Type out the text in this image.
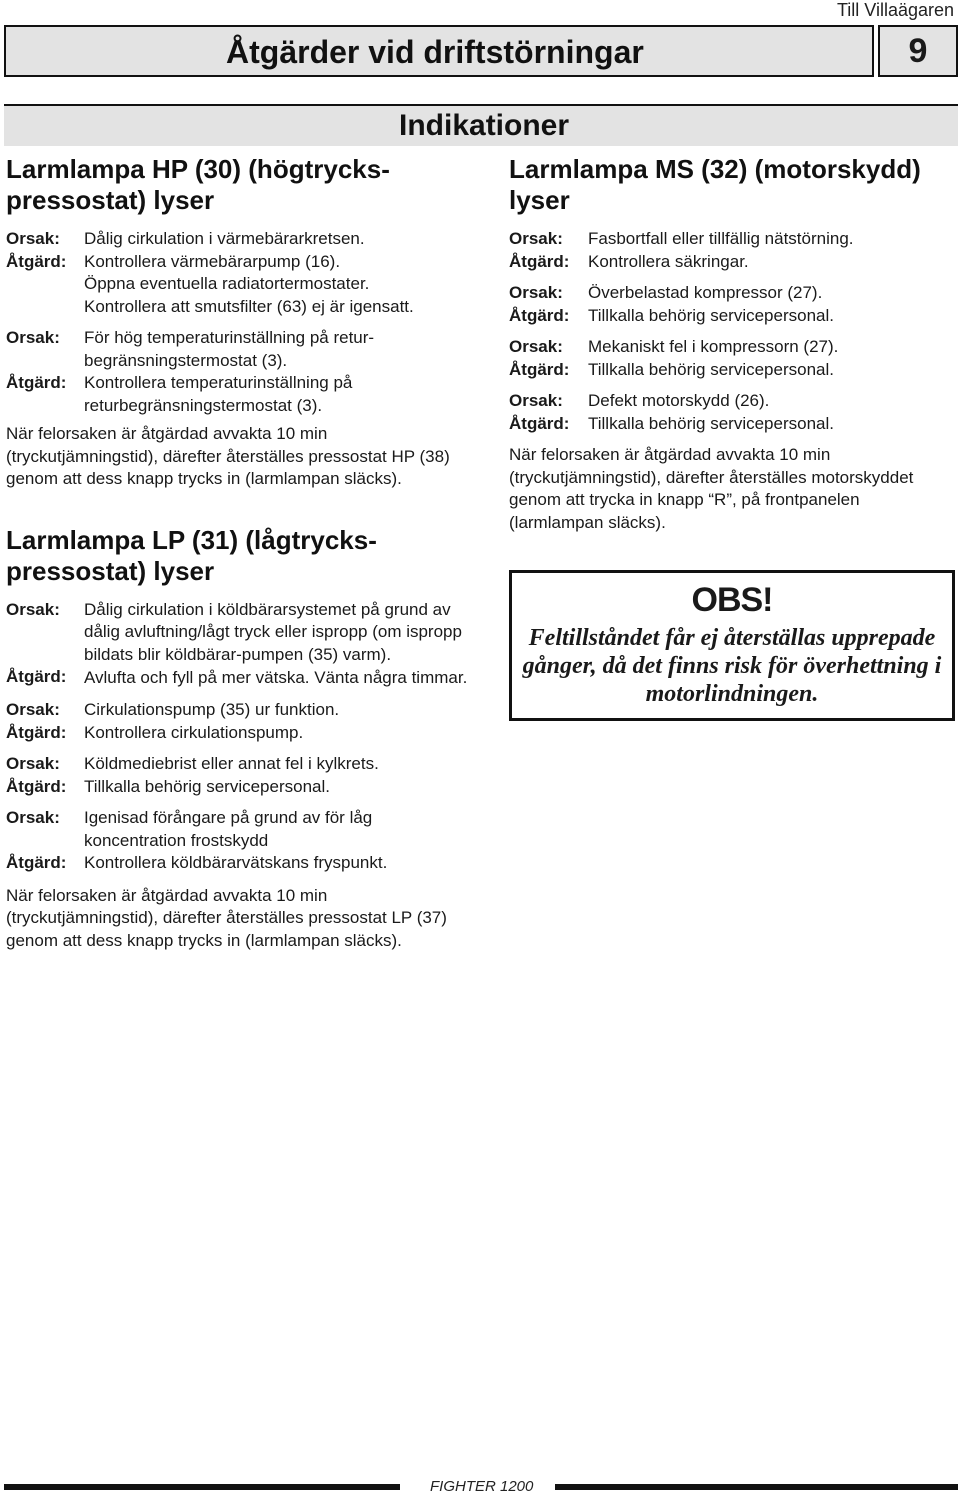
Till Villaägaren
Åtgärder vid driftstörningar	9
Indikationer
Larmlampa HP (30) (högtrycks-pressostat) lyser
Orsak:	Dålig cirkulation i värmebärarkretsen.
Åtgärd:	Kontrollera värmebärarpump (16).
Öppna eventuella radiatortermostater.
Kontrollera att smutsfilter (63) ej är igensatt.
Orsak:	För hög temperaturinställning på retur-begränsningstermostat (3).
Åtgärd:	Kontrollera temperaturinställning på returbegränsningstermostat (3).

När felorsaken är åtgärdad avvakta 10 min (tryckutjämningstid), därefter återställes pressostat HP (38) genom att dess knapp trycks in (larmlampan släcks).

Larmlampa LP (31) (lågtrycks-pressostat) lyser
Orsak:	Dålig cirkulation i köldbärarsystemet på grund av dålig avluftning/lågt tryck eller ispropp (om ispropp bildats blir köldbärar-pumpen (35) varm).
Åtgärd:	Avlufta och fyll på mer vätska. Vänta några timmar.
Orsak:	Cirkulationspump (35) ur funktion.
Åtgärd:	Kontrollera cirkulationspump.
Orsak:	Köldmediebrist eller annat fel i kylkrets.
Åtgärd:	Tillkalla behörig servicepersonal.
Orsak:	Igenisad förångare på grund av för låg koncentration frostskydd
Åtgärd:	Kontrollera köldbärarvätskans fryspunkt.

När felorsaken är åtgärdad avvakta 10 min (tryckutjämningstid), därefter återställes pressostat LP (37) genom att dess knapp trycks in (larmlampan släcks).

Larmlampa MS (32) (motorskydd) lyser
Orsak:	Fasbortfall eller tillfällig nätstörning.
Åtgärd:	Kontrollera säkringar.
Orsak:	Överbelastad kompressor (27).
Åtgärd:	Tillkalla behörig servicepersonal.
Orsak:	Mekaniskt fel i kompressorn (27).
Åtgärd:	Tillkalla behörig servicepersonal.
Orsak:	Defekt motorskydd (26).
Åtgärd:	Tillkalla behörig servicepersonal.

När felorsaken är åtgärdad avvakta 10 min (tryckutjämningstid), därefter återställes motorskyddet genom att trycka in knapp “R”, på frontpanelen (larmlampan släcks).

OBS!
Feltillståndet får ej återställas upprepade gånger, då det finns risk för överhettning i motorlindningen.
FIGHTER 1200
